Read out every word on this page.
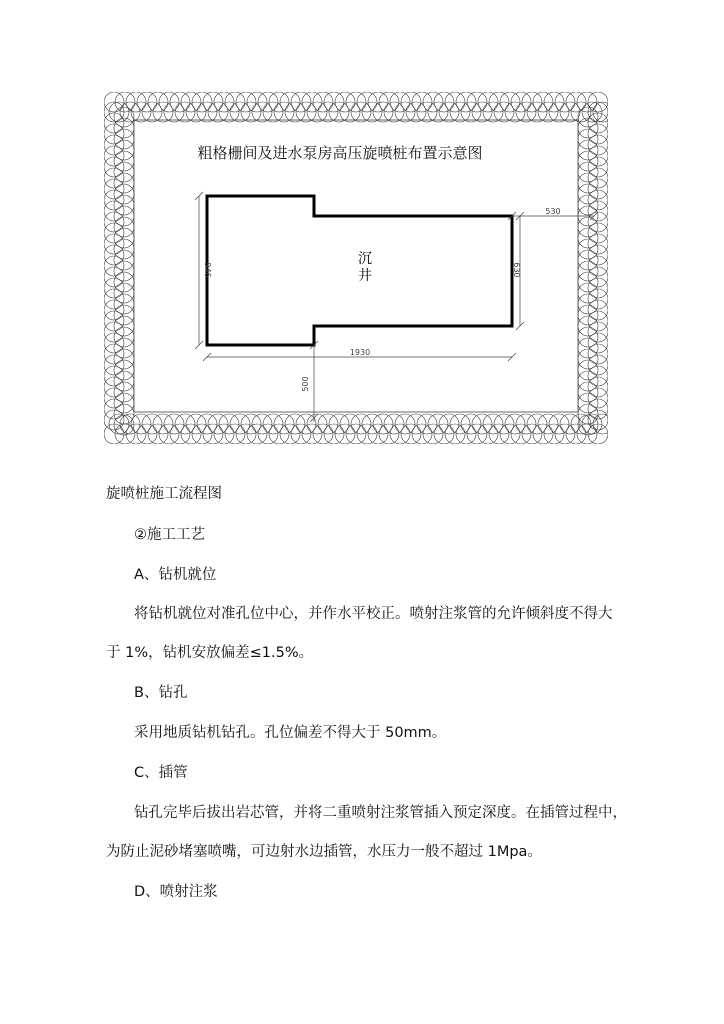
粗格栅间及进水泵房高压旋喷桩布置示意图
沉
井
530
1930
946	630
500
旋喷桩施工流程图
②施工工艺
A、钻机就位
将钻机就位对准孔位中心，并作水平校正。喷射注浆管的允许倾斜度不得大
于 1%，钻机安放偏差≤1.5%。
B、钻孔
采用地质钻机钻孔。孔位偏差不得大于 50mm。
C、插管
钻孔完毕后拔出岩芯管，并将二重喷射注浆管插入预定深度。在插管过程中，
为防止泥砂堵塞喷嘴，可边射水边插管，水压力一般不超过 1Mpa。
D、喷射注浆
